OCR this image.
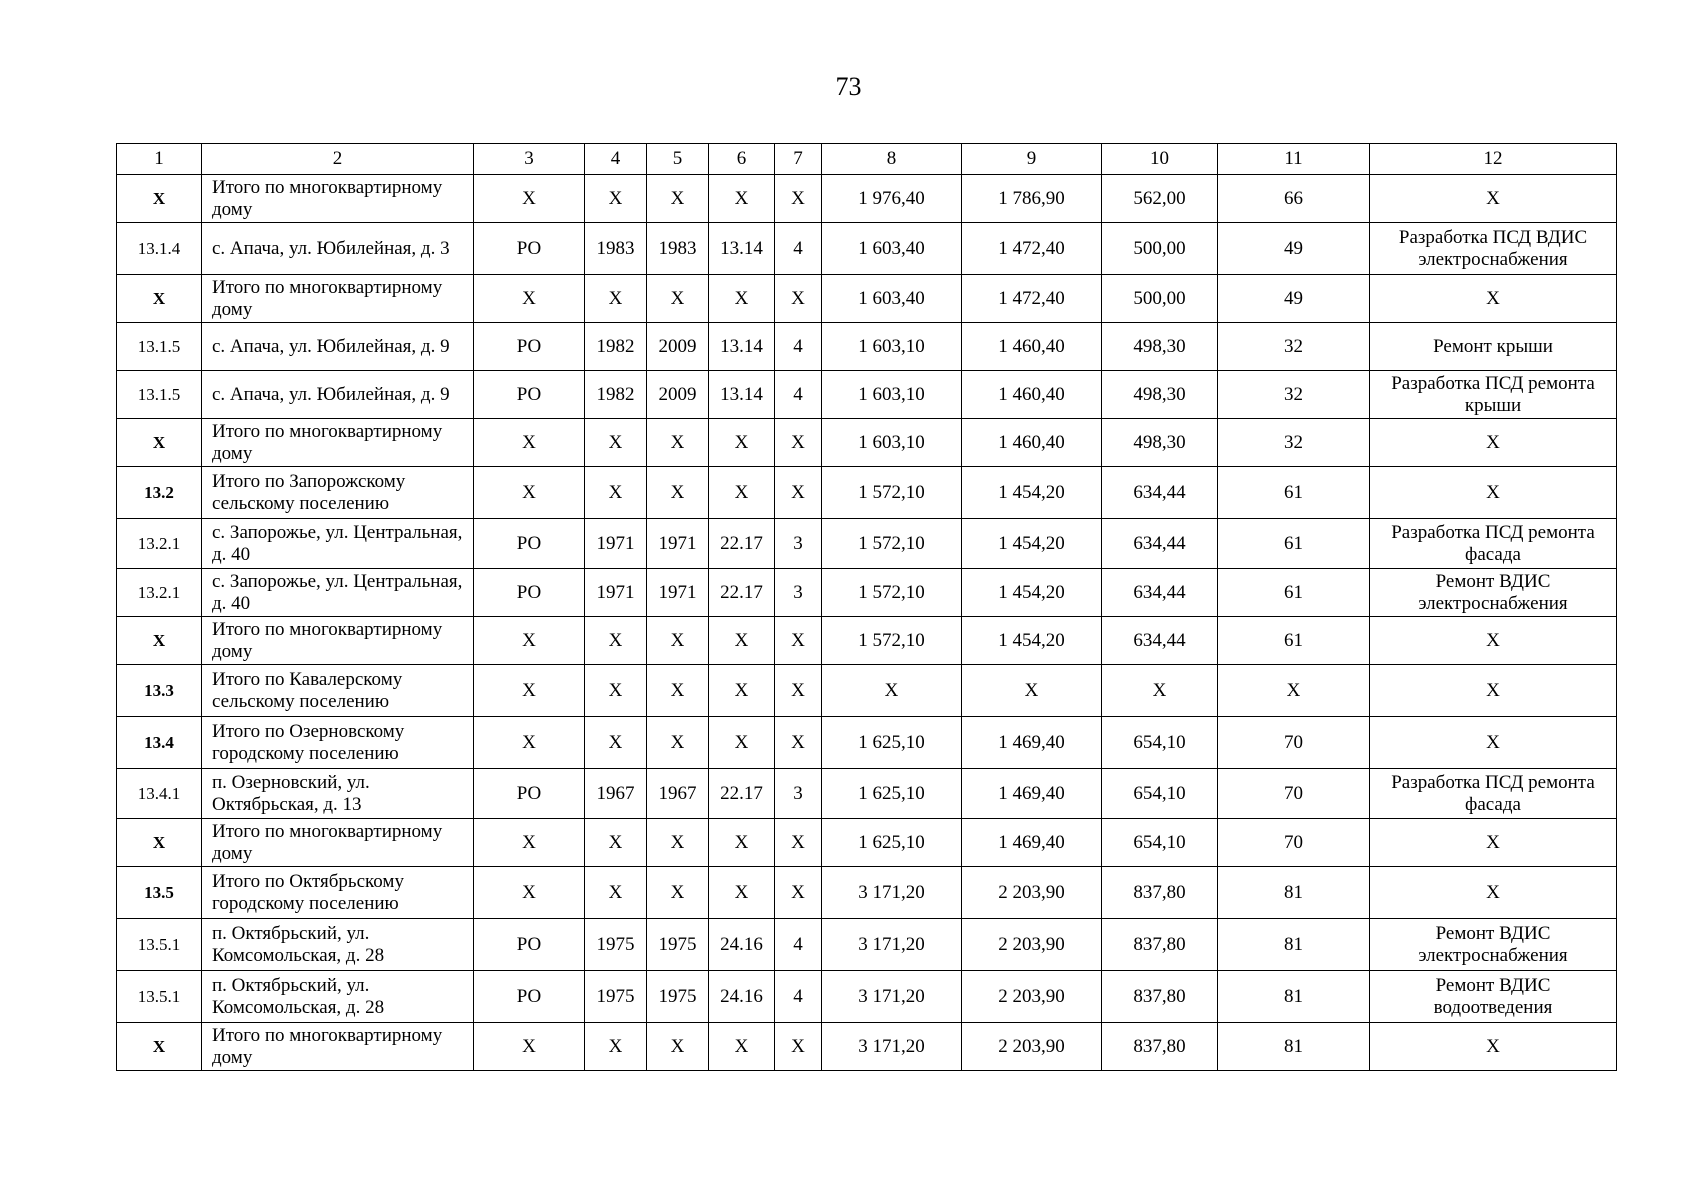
73
1	2	3	4	5	6	7	8	9	10	11	12
X	Итого по многоквартирному дому	X	X	X	X	X	1 976,40	1 786,90	562,00	66	X
13.1.4	с. Апача, ул. Юбилейная, д. 3	РО	1983	1983	13.14	4	1 603,40	1 472,40	500,00	49	Разработка ПСД ВДИС электроснабжения
X	Итого по многоквартирному дому	X	X	X	X	X	1 603,40	1 472,40	500,00	49	X
13.1.5	с. Апача, ул. Юбилейная, д. 9	РО	1982	2009	13.14	4	1 603,10	1 460,40	498,30	32	Ремонт крыши
13.1.5	с. Апача, ул. Юбилейная, д. 9	РО	1982	2009	13.14	4	1 603,10	1 460,40	498,30	32	Разработка ПСД ремонта крыши
X	Итого по многоквартирному дому	X	X	X	X	X	1 603,10	1 460,40	498,30	32	X
13.2	Итого по Запорожскому сельскому поселению	X	X	X	X	X	1 572,10	1 454,20	634,44	61	X
13.2.1	с. Запорожье, ул. Центральная, д. 40	РО	1971	1971	22.17	3	1 572,10	1 454,20	634,44	61	Разработка ПСД ремонта фасада
13.2.1	с. Запорожье, ул. Центральная, д. 40	РО	1971	1971	22.17	3	1 572,10	1 454,20	634,44	61	Ремонт ВДИС электроснабжения
X	Итого по многоквартирному дому	X	X	X	X	X	1 572,10	1 454,20	634,44	61	X
13.3	Итого по Кавалерскому сельскому поселению	X	X	X	X	X	X	X	X	X	X
13.4	Итого по Озерновскому городскому поселению	X	X	X	X	X	1 625,10	1 469,40	654,10	70	X
13.4.1	п. Озерновский, ул. Октябрьская, д. 13	РО	1967	1967	22.17	3	1 625,10	1 469,40	654,10	70	Разработка ПСД ремонта фасада
X	Итого по многоквартирному дому	X	X	X	X	X	1 625,10	1 469,40	654,10	70	X
13.5	Итого по Октябрьскому городскому поселению	X	X	X	X	X	3 171,20	2 203,90	837,80	81	X
13.5.1	п. Октябрьский, ул. Комсомольская, д. 28	РО	1975	1975	24.16	4	3 171,20	2 203,90	837,80	81	Ремонт ВДИС электроснабжения
13.5.1	п. Октябрьский, ул. Комсомольская, д. 28	РО	1975	1975	24.16	4	3 171,20	2 203,90	837,80	81	Ремонт ВДИС водоотведения
X	Итого по многоквартирному дому	X	X	X	X	X	3 171,20	2 203,90	837,80	81	X
